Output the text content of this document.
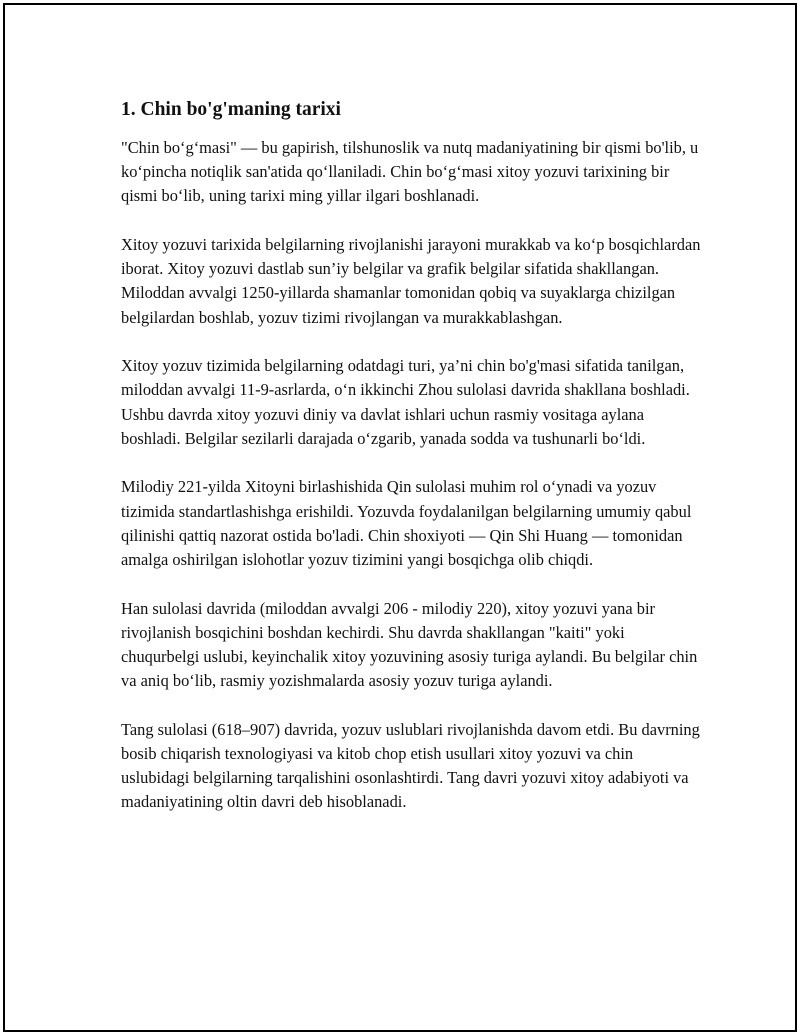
1. Chin bo'g'maning tarixi

"Chin bo‘g‘masi" — bu gapirish, tilshunoslik va nutq madaniyatining bir qismi bo'lib, u ko‘pincha notiqlik san'atida qo‘llaniladi. Chin bo‘g‘masi xitoy yozuvi tarixining bir qismi bo‘lib, uning tarixi ming yillar ilgari boshlanadi.

Xitoy yozuvi tarixida belgilarning rivojlanishi jarayoni murakkab va ko‘p bosqichlardan iborat. Xitoy yozuvi dastlab sun’iy belgilar va grafik belgilar sifatida shakllangan. Miloddan avvalgi 1250-yillarda shamanlar tomonidan qobiq va suyaklarga chizilgan belgilardan boshlab, yozuv tizimi rivojlangan va murakkablashgan.

Xitoy yozuv tizimida belgilarning odatdagi turi, ya’ni chin bo'g'masi sifatida tanilgan, miloddan avvalgi 11-9-asrlarda, o‘n ikkinchi Zhou sulolasi davrida shakllana boshladi. Ushbu davrda xitoy yozuvi diniy va davlat ishlari uchun rasmiy vositaga aylana boshladi. Belgilar sezilarli darajada o‘zgarib, yanada sodda va tushunarli bo‘ldi.

Milodiy 221-yilda Xitoyni birlashishida Qin sulolasi muhim rol o‘ynadi va yozuv tizimida standartlashishga erishildi. Yozuvda foydalanilgan belgilarning umumiy qabul qilinishi qattiq nazorat ostida bo'ladi. Chin shoxiyoti — Qin Shi Huang — tomonidan amalga oshirilgan islohotlar yozuv tizimini yangi bosqichga olib chiqdi.

Han sulolasi davrida (miloddan avvalgi 206 - milodiy 220), xitoy yozuvi yana bir rivojlanish bosqichini boshdan kechirdi. Shu davrda shakllangan "kaiti" yoki chuqurbelgi uslubi, keyinchalik xitoy yozuvining asosiy turiga aylandi. Bu belgilar chin va aniq bo‘lib, rasmiy yozishmalarda asosiy yozuv turiga aylandi.

Tang sulolasi (618–907) davrida, yozuv uslublari rivojlanishda davom etdi. Bu davrning bosib chiqarish texnologiyasi va kitob chop etish usullari xitoy yozuvi va chin uslubidagi belgilarning tarqalishini osonlashtirdi. Tang davri yozuvi xitoy adabiyoti va madaniyatining oltin davri deb hisoblanadi.
